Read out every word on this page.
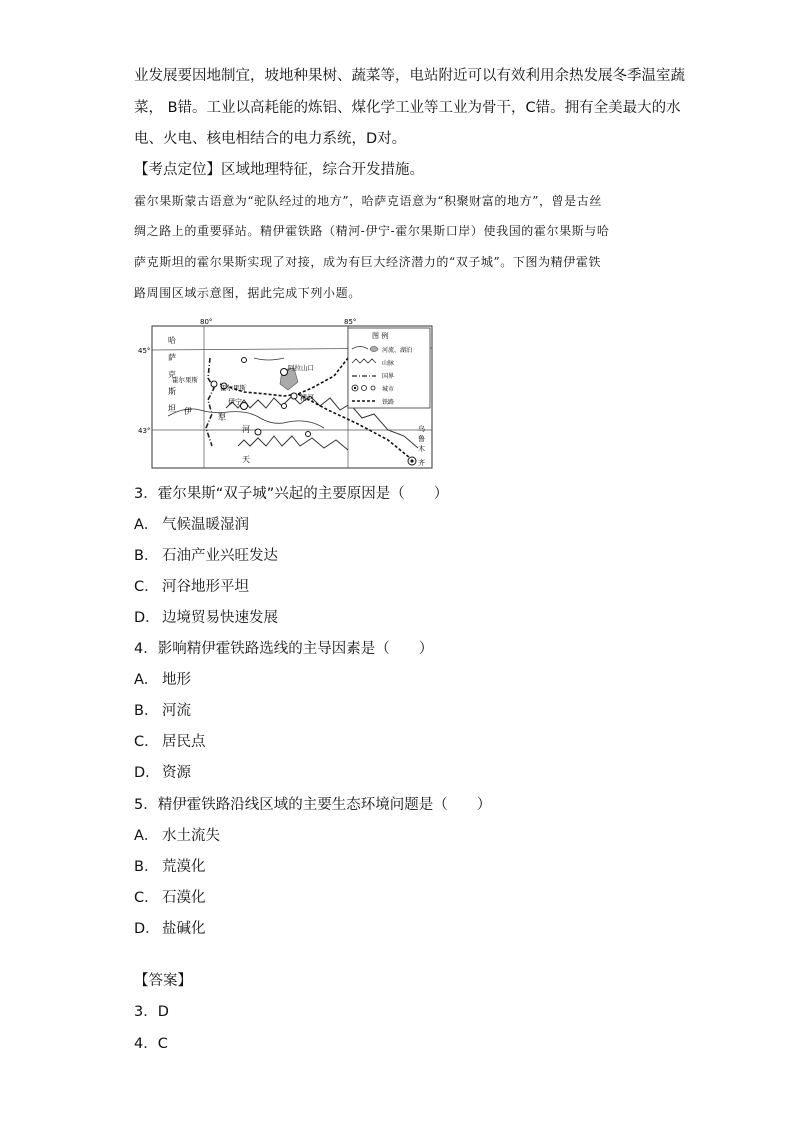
业发展要因地制宜，坡地种果树、蔬菜等，电站附近可以有效利用余热发展冬季温室蔬
菜， B错。工业以高耗能的炼铝、煤化学工业等工业为骨干，C错。拥有全美最大的水
电、火电、核电相结合的电力系统，D对。
【考点定位】区域地理特征，综合开发措施。
霍尔果斯蒙古语意为“驼队经过的地方”，哈萨克语意为“积聚财富的地方”，曾是古丝
绸之路上的重要驿站。精伊霍铁路（精河-伊宁-霍尔果斯口岸）使我国的霍尔果斯与哈
萨克斯坦的霍尔果斯实现了对接，成为有巨大经济潜力的“双子城”。下图为精伊霍铁
路周围区域示意图，据此完成下列小题。
80°	85°
45°
43°
哈
萨
克
斯
坦
霍尔果斯
霍尔果斯
伊宁
阿拉山口
精河
乌
鲁
木
齐
伊
犁
河
天
图 例
河流、湖泊
山脉
国界
城市
铁路
3．霍尔果斯“双子城”兴起的主要原因是（　　）
A． 气候温暖湿润
B． 石油产业兴旺发达
C． 河谷地形平坦
D． 边境贸易快速发展
4．影响精伊霍铁路选线的主导因素是（　　）
A． 地形
B． 河流
C． 居民点
D． 资源
5．精伊霍铁路沿线区域的主要生态环境问题是（　　）
A． 水土流失
B． 荒漠化
C． 石漠化
D． 盐碱化
【答案】
3．D
4．C
